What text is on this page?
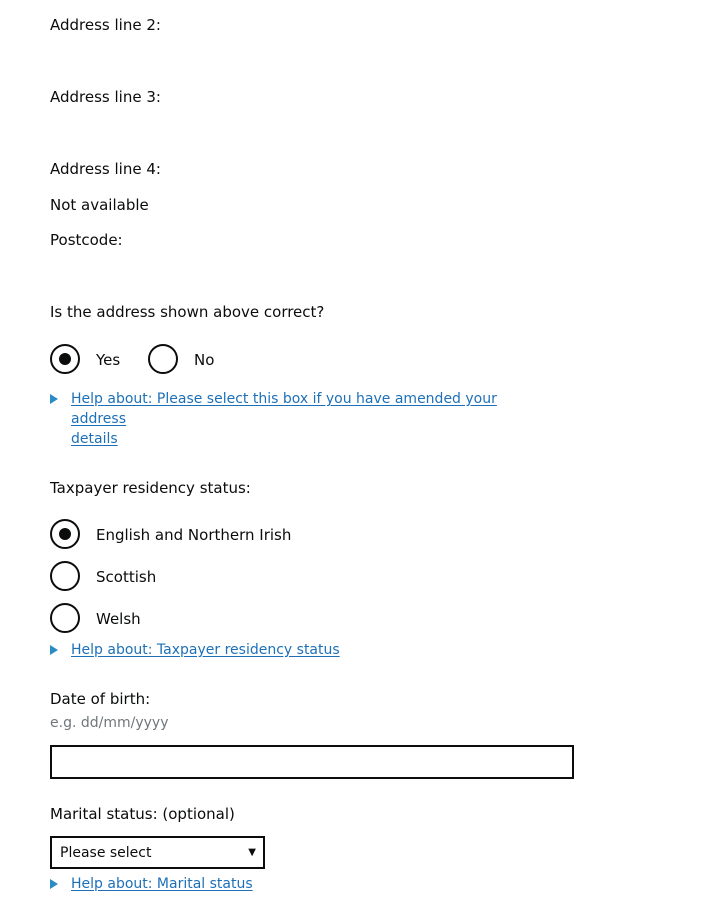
Address line 2:
Address line 3:
Address line 4:
Not available
Postcode:
Is the address shown above correct?
Yes	No
Help about: Please select this box if you have amended your address
details
Taxpayer residency status:
English and Northern Irish
Scottish
Welsh
Help about: Taxpayer residency status
Date of birth:
e.g. dd/mm/yyyy
Marital status: (optional)
Please select	▼
Help about: Marital status
